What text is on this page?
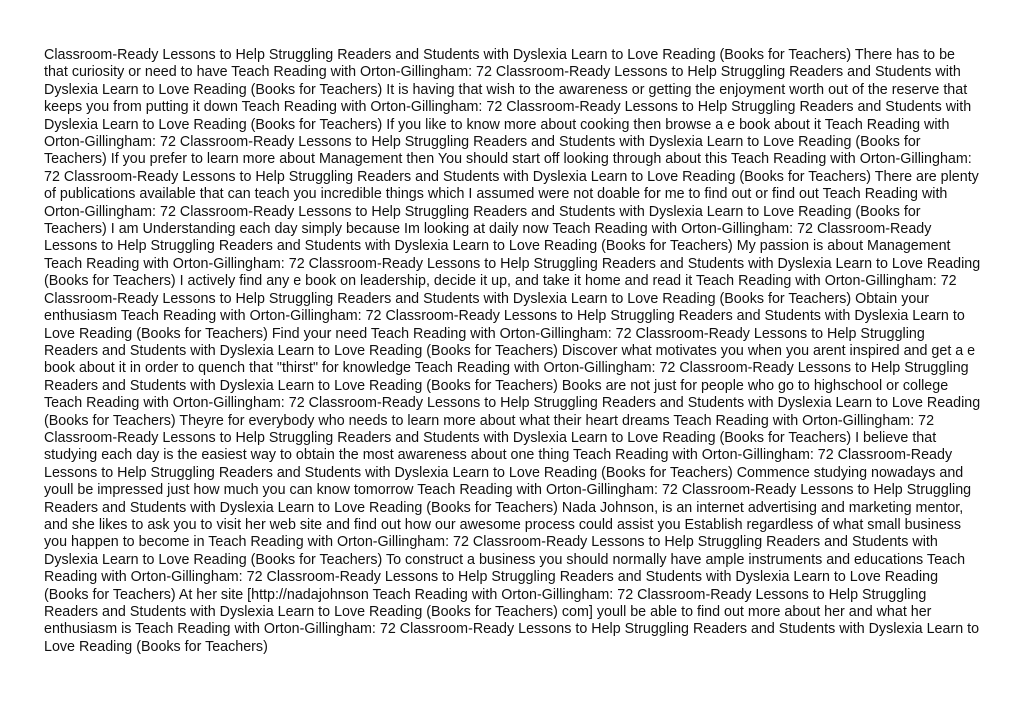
Classroom-Ready Lessons to Help Struggling Readers and Students with Dyslexia Learn to Love Reading (Books for Teachers) There has to be that curiosity or need to have Teach Reading with Orton-Gillingham: 72 Classroom-Ready Lessons to Help Struggling Readers and Students with Dyslexia Learn to Love Reading (Books for Teachers) It is having that wish to the awareness or getting the enjoyment worth out of the reserve that keeps you from putting it down Teach Reading with Orton-Gillingham: 72 Classroom-Ready Lessons to Help Struggling Readers and Students with Dyslexia Learn to Love Reading (Books for Teachers) If you like to know more about cooking then browse a e book about it Teach Reading with Orton-Gillingham: 72 Classroom-Ready Lessons to Help Struggling Readers and Students with Dyslexia Learn to Love Reading (Books for Teachers) If you prefer to learn more about Management then You should start off looking through about this Teach Reading with Orton-Gillingham: 72 Classroom-Ready Lessons to Help Struggling Readers and Students with Dyslexia Learn to Love Reading (Books for Teachers) There are plenty of publications available that can teach you incredible things which I assumed were not doable for me to find out or find out Teach Reading with Orton-Gillingham: 72 Classroom-Ready Lessons to Help Struggling Readers and Students with Dyslexia Learn to Love Reading (Books for Teachers) I am Understanding each day simply because Im looking at daily now Teach Reading with Orton-Gillingham: 72 Classroom-Ready Lessons to Help Struggling Readers and Students with Dyslexia Learn to Love Reading (Books for Teachers) My passion is about Management Teach Reading with Orton-Gillingham: 72 Classroom-Ready Lessons to Help Struggling Readers and Students with Dyslexia Learn to Love Reading (Books for Teachers) I actively find any e book on leadership, decide it up, and take it home and read it Teach Reading with Orton-Gillingham: 72 Classroom-Ready Lessons to Help Struggling Readers and Students with Dyslexia Learn to Love Reading (Books for Teachers) Obtain your enthusiasm Teach Reading with Orton-Gillingham: 72 Classroom-Ready Lessons to Help Struggling Readers and Students with Dyslexia Learn to Love Reading (Books for Teachers) Find your need Teach Reading with Orton-Gillingham: 72 Classroom-Ready Lessons to Help Struggling Readers and Students with Dyslexia Learn to Love Reading (Books for Teachers) Discover what motivates you when you arent inspired and get a e book about it in order to quench that "thirst" for knowledge Teach Reading with Orton-Gillingham: 72 Classroom-Ready Lessons to Help Struggling Readers and Students with Dyslexia Learn to Love Reading (Books for Teachers) Books are not just for people who go to highschool or college Teach Reading with Orton-Gillingham: 72 Classroom-Ready Lessons to Help Struggling Readers and Students with Dyslexia Learn to Love Reading (Books for Teachers) Theyre for everybody who needs to learn more about what their heart dreams Teach Reading with Orton-Gillingham: 72 Classroom-Ready Lessons to Help Struggling Readers and Students with Dyslexia Learn to Love Reading (Books for Teachers) I believe that studying each day is the easiest way to obtain the most awareness about one thing Teach Reading with Orton-Gillingham: 72 Classroom-Ready Lessons to Help Struggling Readers and Students with Dyslexia Learn to Love Reading (Books for Teachers) Commence studying nowadays and youll be impressed just how much you can know tomorrow Teach Reading with Orton-Gillingham: 72 Classroom-Ready Lessons to Help Struggling Readers and Students with Dyslexia Learn to Love Reading (Books for Teachers) Nada Johnson, is an internet advertising and marketing mentor, and she likes to ask you to visit her web site and find out how our awesome process could assist you Establish regardless of what small business you happen to become in Teach Reading with Orton-Gillingham: 72 Classroom-Ready Lessons to Help Struggling Readers and Students with Dyslexia Learn to Love Reading (Books for Teachers) To construct a business you should normally have ample instruments and educations Teach Reading with Orton-Gillingham: 72 Classroom-Ready Lessons to Help Struggling Readers and Students with Dyslexia Learn to Love Reading (Books for Teachers) At her site [http://nadajohnson Teach Reading with Orton-Gillingham: 72 Classroom-Ready Lessons to Help Struggling Readers and Students with Dyslexia Learn to Love Reading (Books for Teachers) com] youll be able to find out more about her and what her enthusiasm is Teach Reading with Orton-Gillingham: 72 Classroom-Ready Lessons to Help Struggling Readers and Students with Dyslexia Learn to Love Reading (Books for Teachers)
